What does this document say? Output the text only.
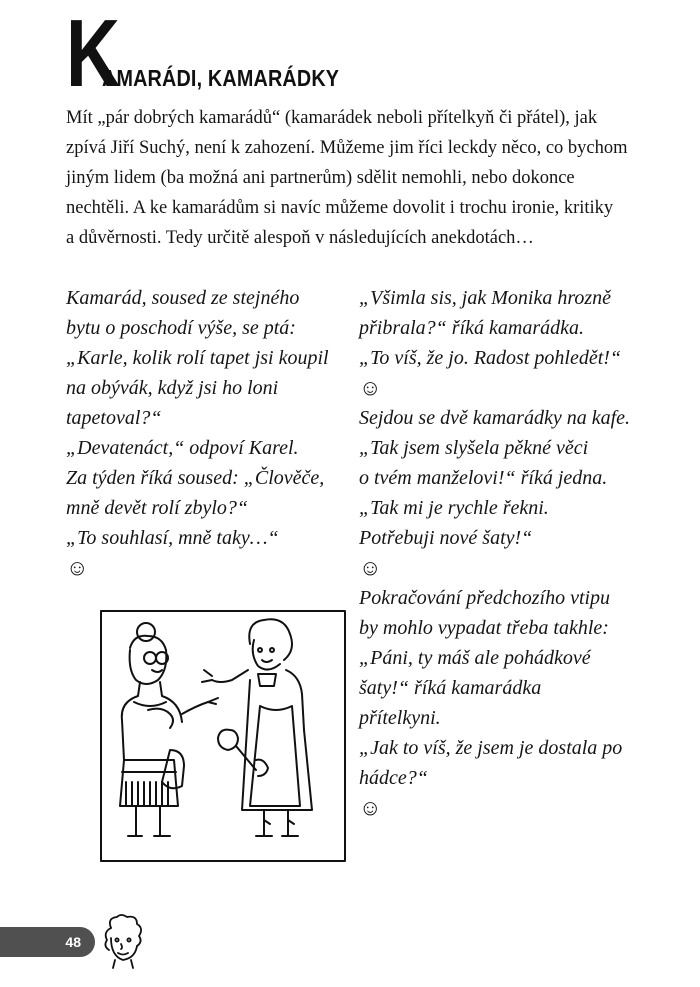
K
AMARÁDI, KAMARÁDKY
Mít „pár dobrých kamarádů“ (kamarádek neboli přítelkyň či přátel), jak
zpívá Jiří Suchý, není k zahození. Můžeme jim říci leckdy něco, co bychom
jiným lidem (ba možná ani partnerům) sdělit nemohli, nebo dokonce
nechtěli. A ke kamarádům si navíc můžeme dovolit i trochu ironie, kritiky
a důvěrnosti. Tedy určitě alespoň v následujících anekdotách…
Kamarád, soused ze stejného
bytu o poschodí výše, se ptá:
„Karle, kolik rolí tapet jsi koupil
na obývák, když jsi ho loni
tapetoval?“
„Devatenáct,“ odpoví Karel.
Za týden říká soused: „Člověče,
mně devět rolí zbylo?“
„To souhlasí, mně taky…“
☺
„Všimla sis, jak Monika hrozně
přibrala?“ říká kamarádka.
„To víš, že jo. Radost pohledět!“
☺
Sejdou se dvě kamarádky na kafe.
„Tak jsem slyšela pěkné věci
o tvém manželovi!“ říká jedna.
„Tak mi je rychle řekni.
Potřebuji nové šaty!“
☺
Pokračování předchozího vtipu
by mohlo vypadat třeba takhle:
„Páni, ty máš ale pohádkové
šaty!“ říká kamarádka
přítelkyni.
„Jak to víš, že jsem je dostala po
hádce?“
☺
48
